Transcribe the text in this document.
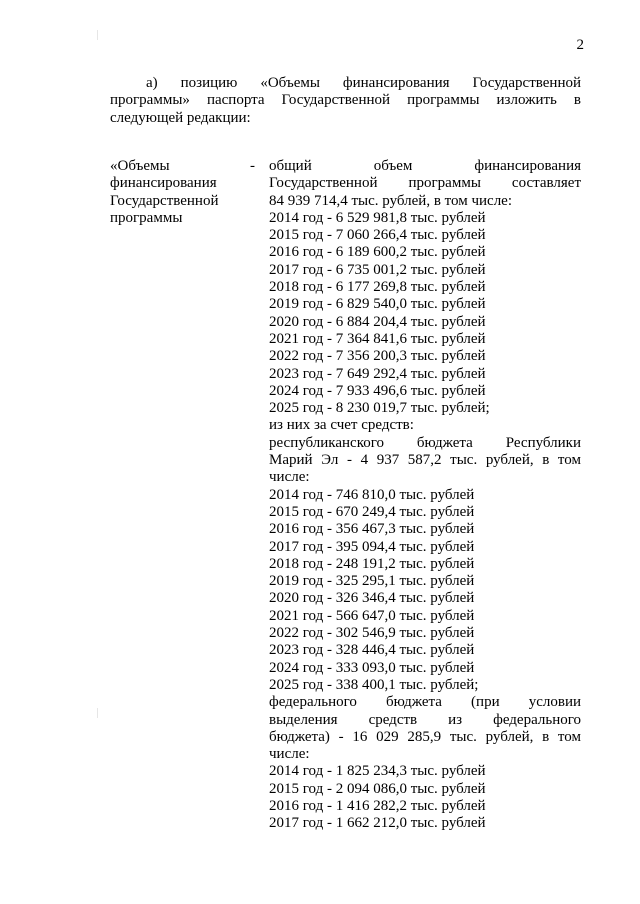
2

а) позицию «Объемы финансирования Государственной программы» паспорта Государственной программы изложить в следующей редакции:

«Объемы
финансирования
Государственной
программы
- общий объем финансирования
Государственной программы составляет
84 939 714,4 тыс. рублей, в том числе:
2014 год - 6 529 981,8 тыс. рублей
2015 год - 7 060 266,4 тыс. рублей
2016 год - 6 189 600,2 тыс. рублей
2017 год - 6 735 001,2 тыс. рублей
2018 год - 6 177 269,8 тыс. рублей
2019 год - 6 829 540,0 тыс. рублей
2020 год - 6 884 204,4 тыс. рублей
2021 год - 7 364 841,6 тыс. рублей
2022 год - 7 356 200,3 тыс. рублей
2023 год - 7 649 292,4 тыс. рублей
2024 год - 7 933 496,6 тыс. рублей
2025 год - 8 230 019,7 тыс. рублей;
из них за счет средств:
республиканского бюджета Республики
Марий Эл - 4 937 587,2 тыс. рублей, в том
числе:
2014 год - 746 810,0 тыс. рублей
2015 год - 670 249,4 тыс. рублей
2016 год - 356 467,3 тыс. рублей
2017 год - 395 094,4 тыс. рублей
2018 год - 248 191,2 тыс. рублей
2019 год - 325 295,1 тыс. рублей
2020 год - 326 346,4 тыс. рублей
2021 год - 566 647,0 тыс. рублей
2022 год - 302 546,9 тыс. рублей
2023 год - 328 446,4 тыс. рублей
2024 год - 333 093,0 тыс. рублей
2025 год - 338 400,1 тыс. рублей;
федерального бюджета (при условии
выделения средств из федерального
бюджета) - 16 029 285,9 тыс. рублей, в том
числе:
2014 год - 1 825 234,3 тыс. рублей
2015 год - 2 094 086,0 тыс. рублей
2016 год - 1 416 282,2 тыс. рублей
2017 год - 1 662 212,0 тыс. рублей
